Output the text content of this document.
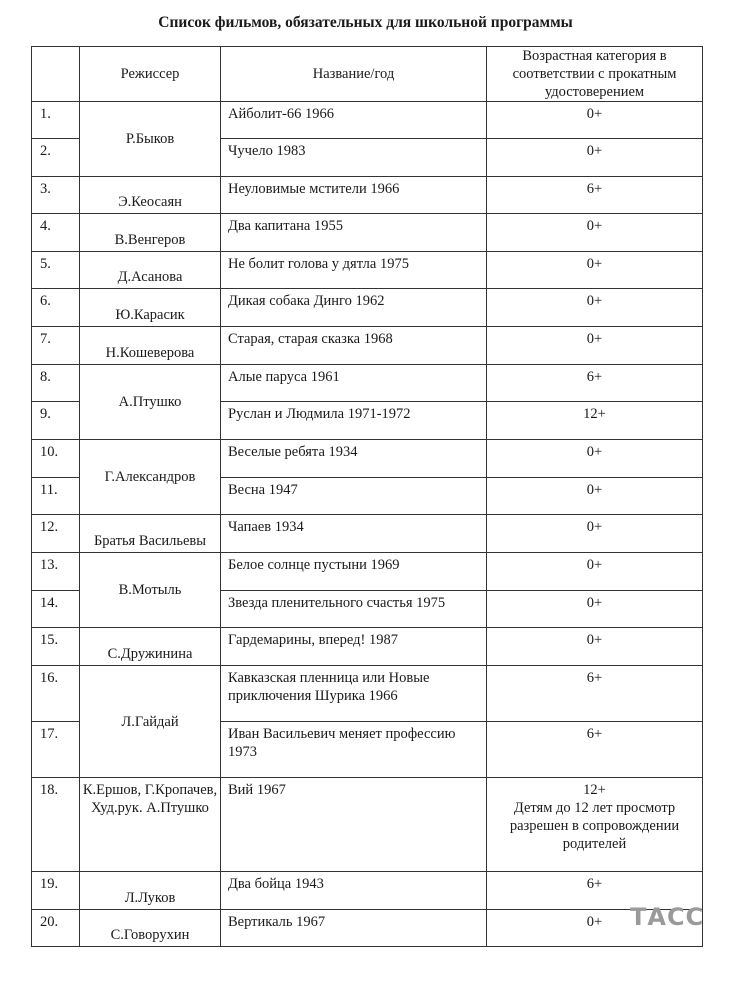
Список фильмов, обязательных для школьной программы
	Режиссер	Название/год	Возрастная категория в соответствии с прокатным удостоверением
1.	Р.Быков	Айболит-66 1966	0+
2.		Чучело 1983	0+
3.	Э.Кеосаян	Неуловимые мстители 1966	6+
4.	В.Венгеров	Два капитана 1955	0+
5.	Д.Асанова	Не болит голова у дятла 1975	0+
6.	Ю.Карасик	Дикая собака Динго 1962	0+
7.	Н.Кошеверова	Старая, старая сказка 1968	0+
8.	А.Птушко	Алые паруса 1961	6+
9.		Руслан и Людмила 1971-1972	12+
10.	Г.Александров	Веселые ребята 1934	0+
11.		Весна 1947	0+
12.	Братья Васильевы	Чапаев 1934	0+
13.	В.Мотыль	Белое солнце пустыни 1969	0+
14.		Звезда пленительного счастья 1975	0+
15.	С.Дружинина	Гардемарины, вперед! 1987	0+
16.	Л.Гайдай	Кавказская пленница или Новые приключения Шурика 1966	6+
17.		Иван Васильевич меняет профессию 1973	6+
18.	К.Ершов, Г.Кропачев, Худ.рук. А.Птушко	Вий 1967	12+
Детям до 12 лет просмотр разрешен в сопровождении родителей

19.	Л.Луков	Два бойца 1943	6+
20.	С.Говорухин	Вертикаль 1967	0+ ТАСС
